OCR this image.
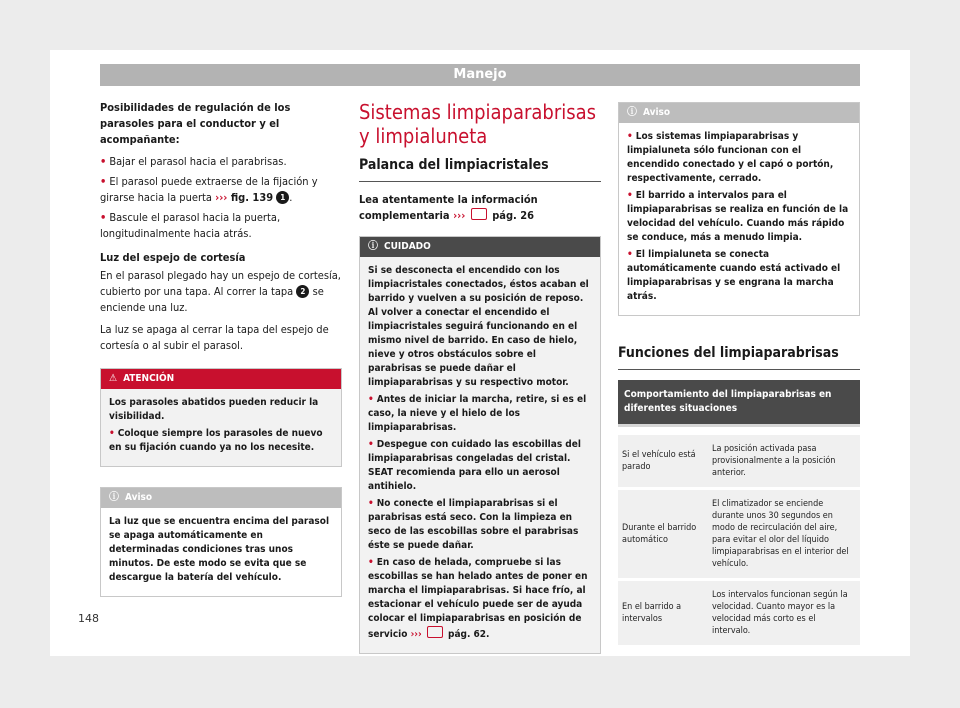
Manejo

Posibilidades de regulación de los parasoles para el conductor y el acompañante:

• Bajar el parasol hacia el parabrisas.

• El parasol puede extraerse de la fijación y girarse hacia la puerta ››› fig. 139 1 .

• Bascule el parasol hacia la puerta, longitudinalmente hacia atrás.

Luz del espejo de cortesía

En el parasol plegado hay un espejo de cortesía, cubierto por una tapa. Al correr la tapa 2 se enciende una luz.

La luz se apaga al cerrar la tapa del espejo de cortesía o al subir el parasol.

⚠ ATENCIÓN

Los parasoles abatidos pueden reducir la visibilidad.

• Coloque siempre los parasoles de nuevo en su fijación cuando ya no los necesite.

ⓘ Aviso

La luz que se encuentra encima del parasol se apaga automáticamente en determinadas condiciones tras unos minutos. De este modo se evita que se descargue la batería del vehículo.

Sistemas limpiaparabrisas y limpialuneta
Palanca del limpiacristales

Lea atentamente la información complementaria ››› pág. 26

ⓘ CUIDADO

Si se desconecta el encendido con los limpiacristales conectados, éstos acaban el barrido y vuelven a su posición de reposo. Al volver a conectar el encendido el limpiacristales seguirá funcionando en el mismo nivel de barrido. En caso de hielo, nieve y otros obstáculos sobre el parabrisas se puede dañar el limpiaparabrisas y su respectivo motor.

• Antes de iniciar la marcha, retire, si es el caso, la nieve y el hielo de los limpiaparabrisas.

• Despegue con cuidado las escobillas del limpiaparabrisas congeladas del cristal. SEAT recomienda para ello un aerosol antihielo.

• No conecte el limpiaparabrisas si el parabrisas está seco. Con la limpieza en seco de las escobillas sobre el parabrisas éste se puede dañar.

• En caso de helada, compruebe si las escobillas se han helado antes de poner en marcha el limpiaparabrisas. Si hace frío, al estacionar el vehículo puede ser de ayuda colocar el limpiaparabrisas en posición de servicio ›››	pág. 62.

ⓘ Aviso

• Los sistemas limpiaparabrisas y limpialuneta sólo funcionan con el encendido conectado y el capó o portón, respectivamente, cerrado.

• El barrido a intervalos para el limpiaparabrisas se realiza en función de la velocidad del vehículo. Cuando más rápido se conduce, más a menudo limpia.

• El limpialuneta se conecta automáticamente cuando está activado el limpiaparabrisas y se engrana la marcha atrás.

Funciones del limpiaparabrisas
Comportamiento del limpiaparabrisas en diferentes situaciones	

Si el vehículo está parado	La posición activada pasa provisionalmente a la posición anterior.
Durante el barrido automático	El climatizador se enciende durante unos 30 segundos en modo de recirculación del aire, para evitar el olor del líquido limpiaparabrisas en el interior del vehículo.
En el barrido a intervalos	Los intervalos funcionan según la velocidad. Cuanto mayor es la velocidad más corto es el intervalo.
148
